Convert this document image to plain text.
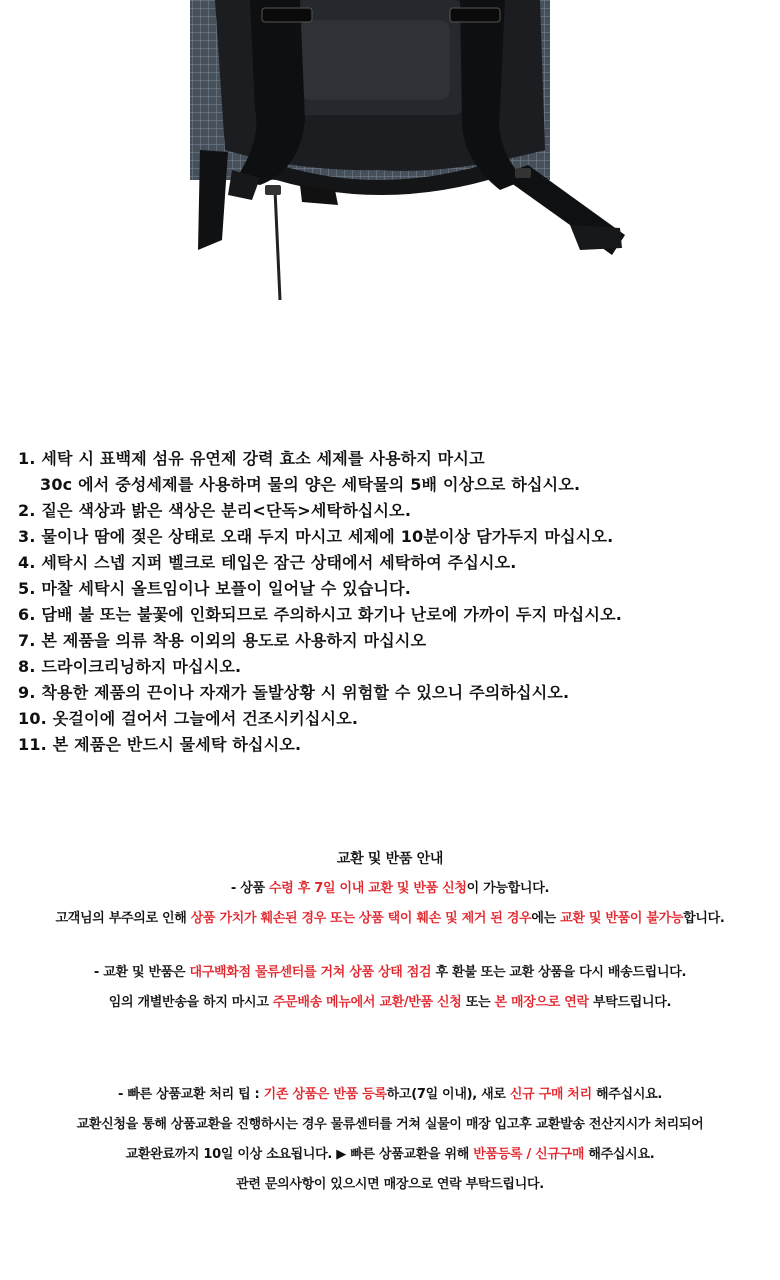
1. 세탁 시 표백제 섬유 유연제 강력 효소 세제를 사용하지 마시고
30c 에서 중성세제를 사용하며 물의 양은 세탁물의 5배 이상으로 하십시오.
2. 짙은 색상과 밝은 색상은 분리<단독>세탁하십시오.
3. 물이나 땀에 젖은 상태로 오래 두지 마시고 세제에 10분이상 담가두지 마십시오.
4. 세탁시 스넵 지퍼 벨크로 테입은 잠근 상태에서 세탁하여 주십시오.
5. 마찰 세탁시 올트임이나 보플이 일어날 수 있습니다.
6. 담배 불 또는 불꽃에 인화되므로 주의하시고 화기나 난로에 가까이 두지 마십시오.
7. 본 제품을 의류 착용 이외의 용도로 사용하지 마십시오
8. 드라이크리닝하지 마십시오.
9. 착용한 제품의 끈이나 자재가 돌발상황 시 위험할 수 있으니 주의하십시오.
10. 옷걸이에 걸어서 그늘에서 건조시키십시오.
11. 본 제품은 반드시 물세탁 하십시오.
교환 및 반품 안내
- 상품 수령 후 7일 이내 교환 및 반품 신청이 가능합니다.
고객님의 부주의로 인해 상품 가치가 훼손된 경우 또는 상품 택이 훼손 및 제거 된 경우에는 교환 및 반품이 불가능합니다.
- 교환 및 반품은 대구백화점 물류센터를 거쳐 상품 상태 점검 후 환불 또는 교환 상품을 다시 배송드립니다.
임의 개별반송을 하지 마시고 주문배송 메뉴에서 교환/반품 신청 또는 본 매장으로 연락 부탁드립니다.
- 빠른 상품교환 처리 팁 : 기존 상품은 반품 등록하고(7일 이내), 새로 신규 구매 처리 해주십시요.
교환신청을 통해 상품교환을 진행하시는 경우 물류센터를 거쳐 실물이 매장 입고후 교환발송 전산지시가 처리되어
교환완료까지 10일 이상 소요됩니다. ▶ 빠른 상품교환을 위해 반품등록 / 신규구매 해주십시요.
관련 문의사항이 있으시면 매장으로 연락 부탁드립니다.
